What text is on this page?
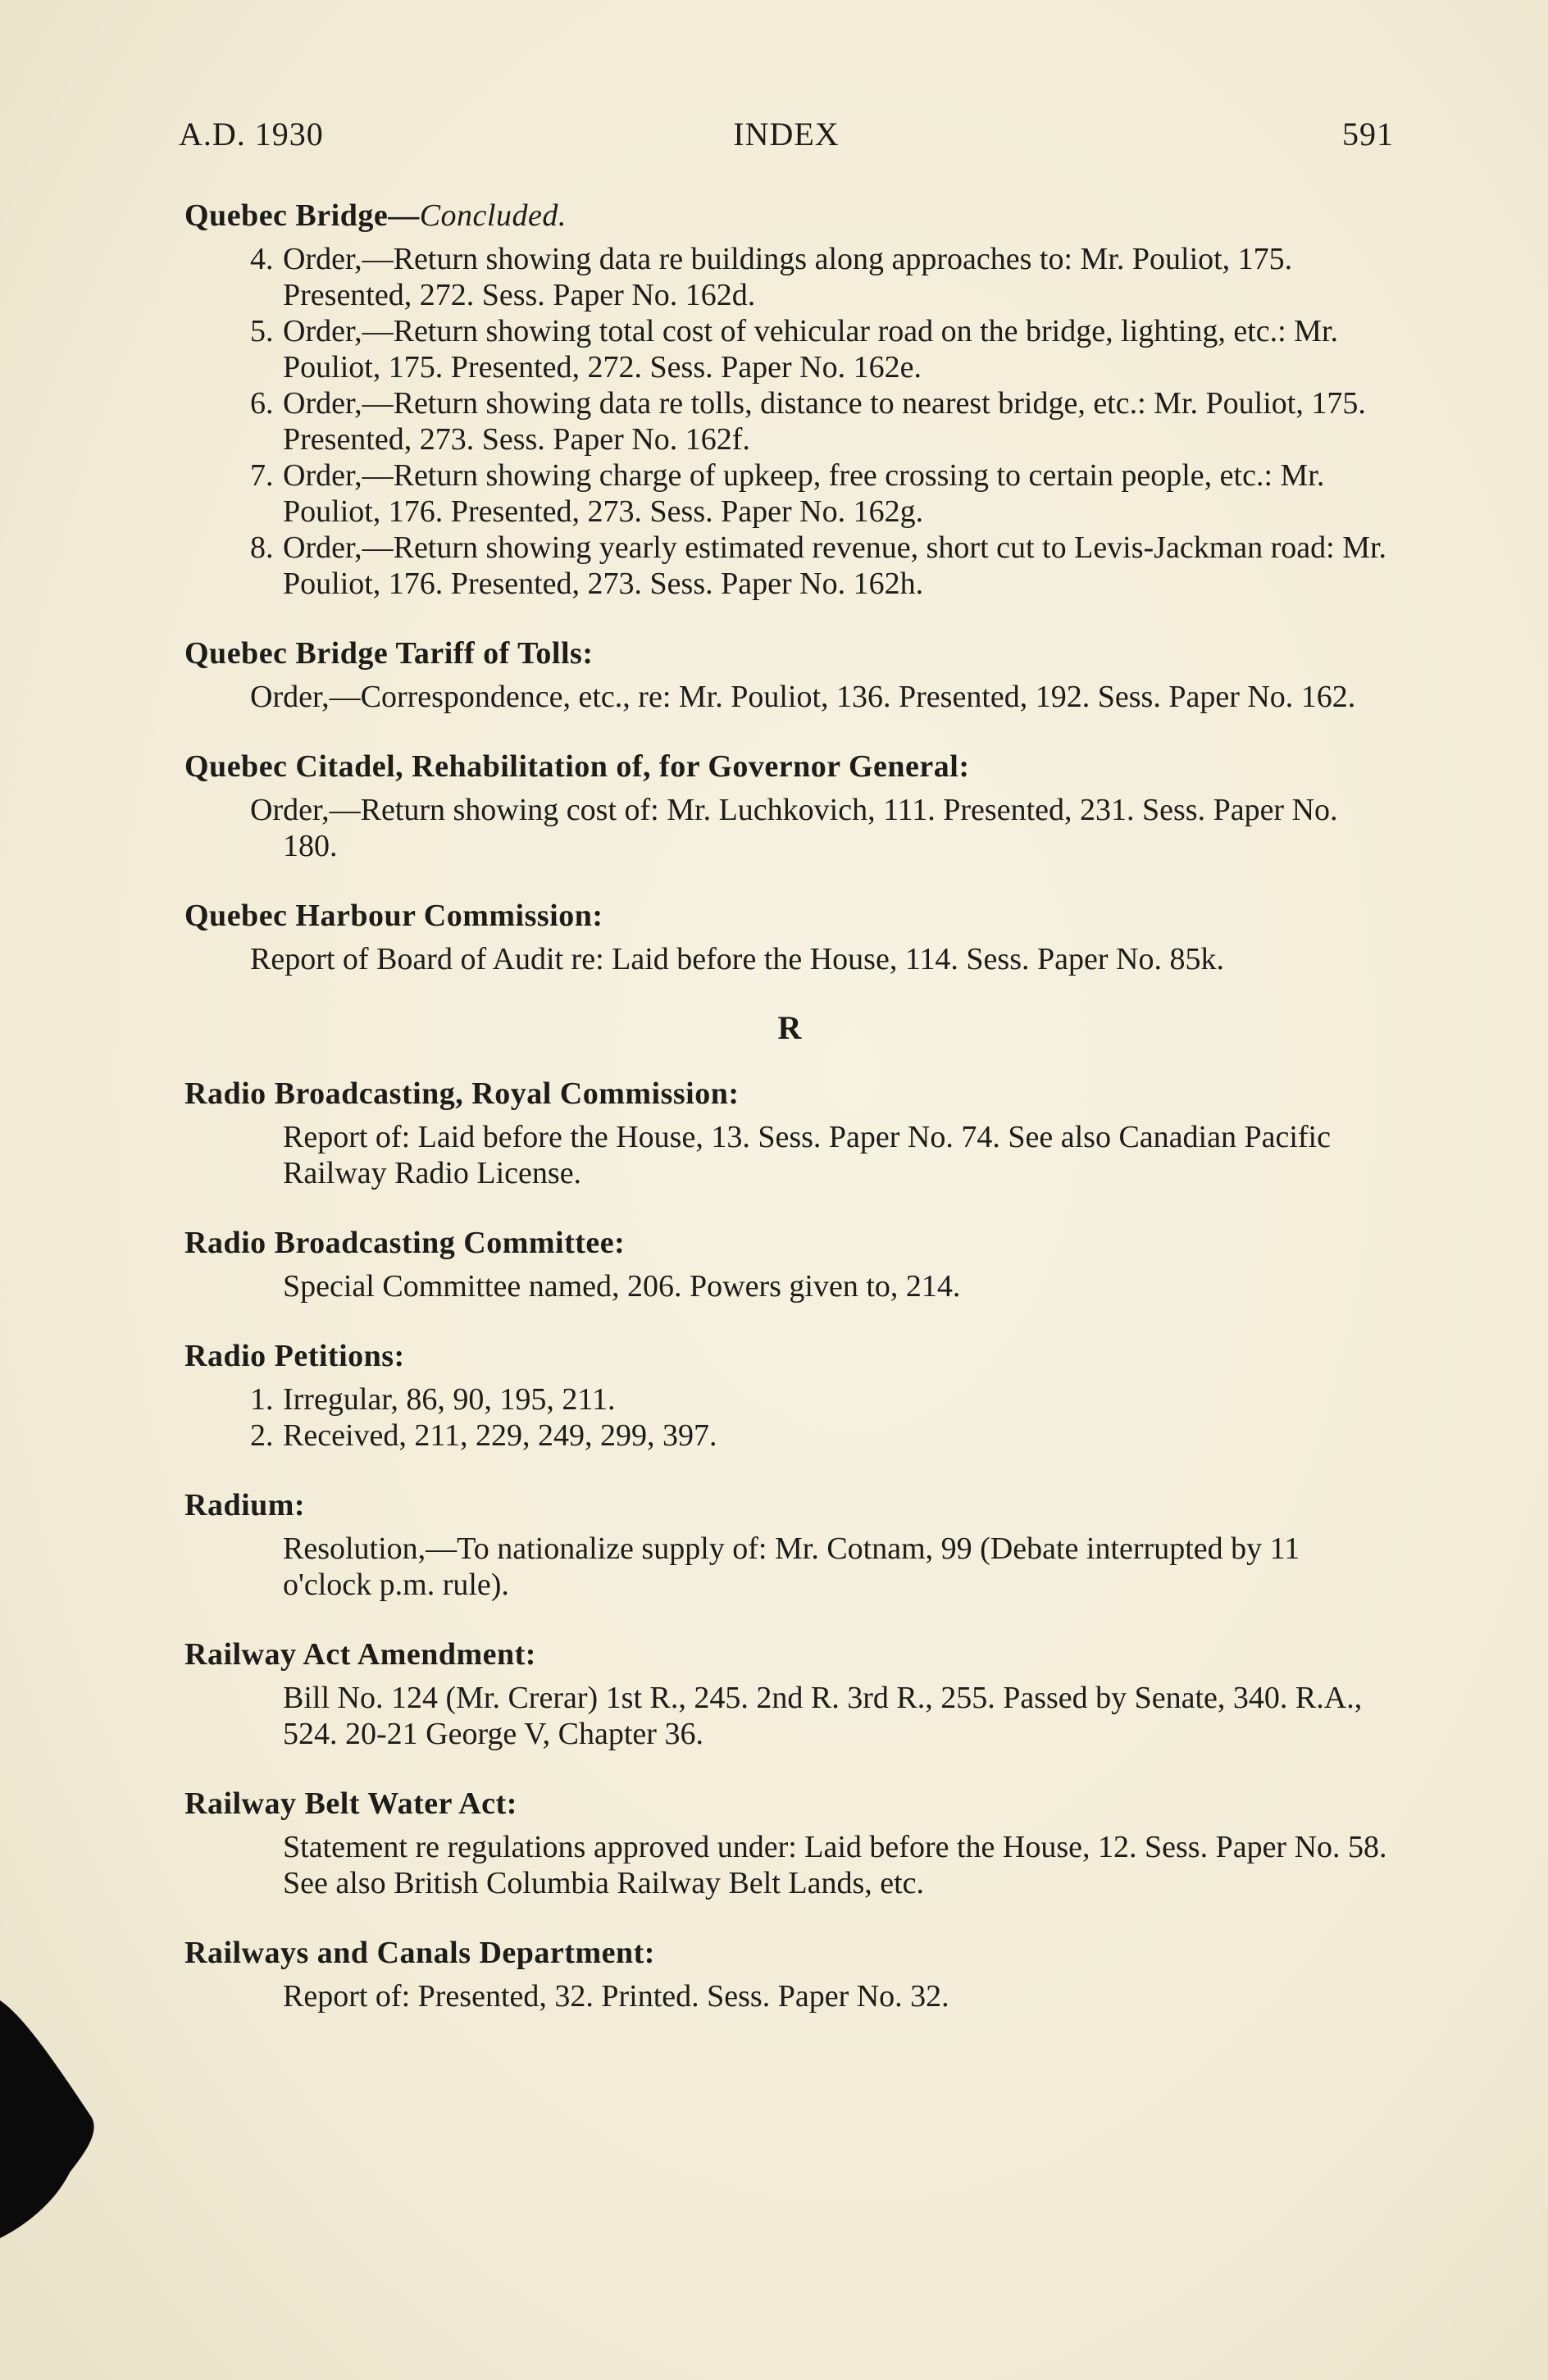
A.D. 1930	INDEX	591
Quebec Bridge—Concluded.
4. Order,—Return showing data re buildings along approaches to: Mr. Pouliot, 175. Presented, 272. Sess. Paper No. 162d.
5. Order,—Return showing total cost of vehicular road on the bridge, lighting, etc.: Mr. Pouliot, 175. Presented, 272. Sess. Paper No. 162e.
6. Order,—Return showing data re tolls, distance to nearest bridge, etc.: Mr. Pouliot, 175. Presented, 273. Sess. Paper No. 162f.
7. Order,—Return showing charge of upkeep, free crossing to certain people, etc.: Mr. Pouliot, 176. Presented, 273. Sess. Paper No. 162g.
8. Order,—Return showing yearly estimated revenue, short cut to Levis-Jackman road: Mr. Pouliot, 176. Presented, 273. Sess. Paper No. 162h.
Quebec Bridge Tariff of Tolls:
Order,—Correspondence, etc., re: Mr. Pouliot, 136. Presented, 192. Sess. Paper No. 162.
Quebec Citadel, Rehabilitation of, for Governor General:
Order,—Return showing cost of: Mr. Luchkovich, 111. Presented, 231. Sess. Paper No. 180.
Quebec Harbour Commission:
Report of Board of Audit re: Laid before the House, 114. Sess. Paper No. 85k.
R
Radio Broadcasting, Royal Commission:
Report of: Laid before the House, 13. Sess. Paper No. 74. See also Canadian Pacific Railway Radio License.
Radio Broadcasting Committee:
Special Committee named, 206. Powers given to, 214.
Radio Petitions:
1. Irregular, 86, 90, 195, 211.
2. Received, 211, 229, 249, 299, 397.
Radium:
Resolution,—To nationalize supply of: Mr. Cotnam, 99 (Debate interrupted by 11 o'clock p.m. rule).
Railway Act Amendment:
Bill No. 124 (Mr. Crerar) 1st R., 245. 2nd R. 3rd R., 255. Passed by Senate, 340. R.A., 524. 20-21 George V, Chapter 36.
Railway Belt Water Act:
Statement re regulations approved under: Laid before the House, 12. Sess. Paper No. 58.
See also British Columbia Railway Belt Lands, etc.
Railways and Canals Department:
Report of: Presented, 32. Printed. Sess. Paper No. 32.
